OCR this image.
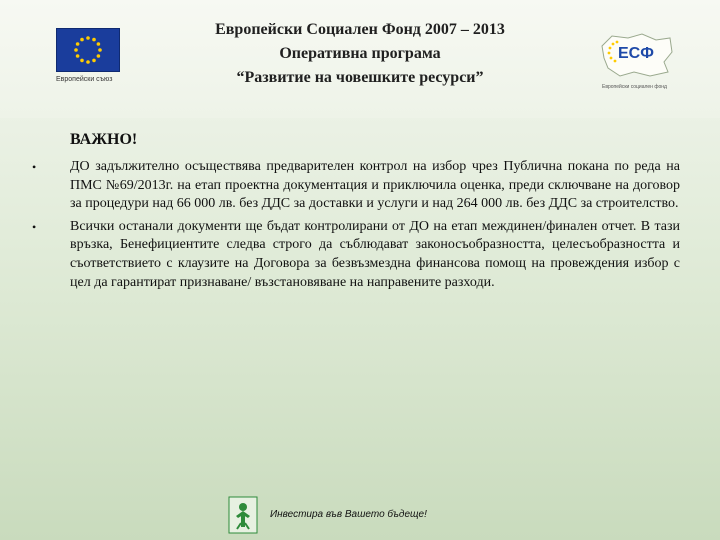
Европейски съюз
Европейски Социален Фонд 2007 – 2013
Оперативна програма
“Развитие на човешките ресурси”
ЕСФ
Европейски социален фонд
ВАЖНО!
• ДО задължително осъществява предварителен контрол на избор чрез Публична покана по реда на ПМС №69/2013г. на етап проектна документация и приключила оценка, преди сключване на договор за процедури над 66 000 лв. без ДДС за доставки и услуги и над 264 000 лв. без ДДС за строителство.
• Всички останали документи ще бъдат контролирани от ДО на етап междинен/финален отчет. В тази връзка, Бенефициентите следва строго да съблюдават законосъобразността, целесъобразността и съответствието с клаузите на Договора за безвъзмездна финансова помощ на провеждения избор с цел да гарантират признаване/ възстановяване на направените разходи.
Инвестира във Вашето бъдеще!
